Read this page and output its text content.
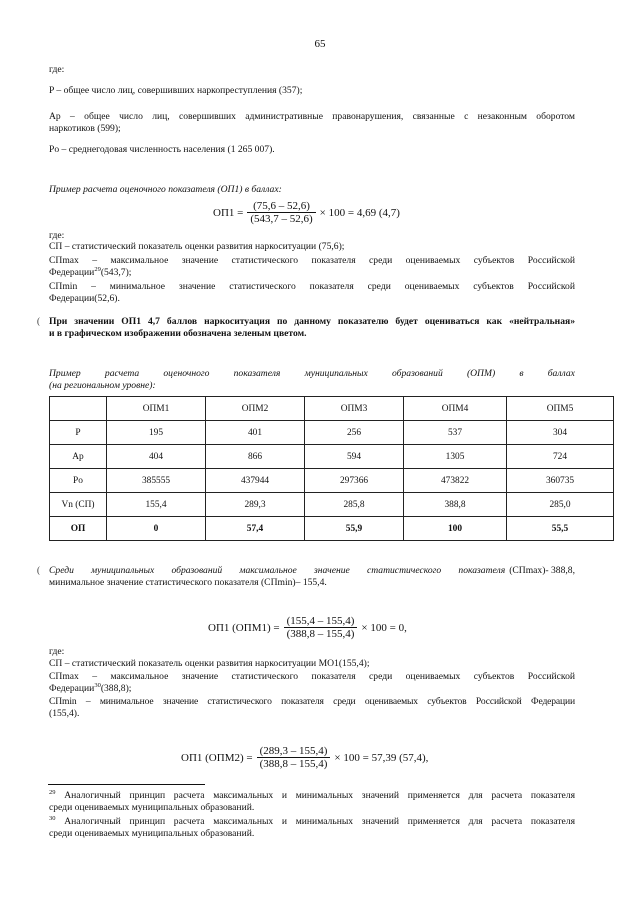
65
где:
P – общее число лиц, совершивших наркопреступления (357);
Ap – общее число лиц, совершивших административные правонарушения, связанные с незаконным оборотом
наркотиков (599);
Po – среднегодовая численность населения (1 265 007).
Пример расчета оценочного показателя (ОП1) в баллах:
$ОП1 = \frac{(75,6 - 52,6)}{(543,7 - 52,6)} \times 100 = 4,69$ (4,7)
где:
СП – статистический показатель оценки развития наркоситуации (75,6);
СПmax – максимальное значение статистического показателя среди оцениваемых субъектов Российской
Федерации$^{29}$(543,7);
СПmin – минимальное значение статистического показателя среди оцениваемых субъектов Российской
Федерации(52,6).
(
(
При значении ОП1 4,7 баллов наркоситуация по данному показателю будет оцениваться как «нейтральная»
и в графическом изображении обозначена зеленым цветом.
Пример	расчета	оценочного	показателя	муниципальных	образований	(ОПМ)	в	баллах
(на региональном уровне):
	ОПМ1	ОПМ2	ОПМ3	ОПМ4	ОПМ5
P	195	401	256	537	304
Ap	404	866	594	1305	724
Po	385555	437944	297366	473822	360735
Vn (СП)	155,4	289,3	285,8	388,8	285,0
ОП	0	57,4	55,9	100	55,5
Среди муниципальных образований максимальное значение статистического показателя (СПmax)- 388,8,
минимальное значение статистического показателя (СПmin)– 155,4.
ОП1 $(ОПМ1) = \frac{(155,4 - 155,4)}{(388,8 - 155,4)} \times 100 = 0$,
где:
СП – статистический показатель оценки развития наркоситуации МО1(155,4);
СПmax – максимальное значение статистического показателя среди оцениваемых субъектов Российской
Федерации$^{30}$(388,8);
СПmin – минимальное значение статистического показателя среди оцениваемых субъектов Российской Федерации
(155,4).
ОП1 $(ОПМ2) = \frac{(289,3 - 155,4)}{(388,8 - 155,4)} \times 100 = 57,39$ (57,4),
$^{29}$ Аналогичный принцип расчета максимальных и минимальных значений применяется для расчета показателя
среди оцениваемых муниципальных образований.
$^{30}$ Аналогичный принцип расчета максимальных и минимальных значений применяется для расчета показателя
среди оцениваемых муниципальных образований.
